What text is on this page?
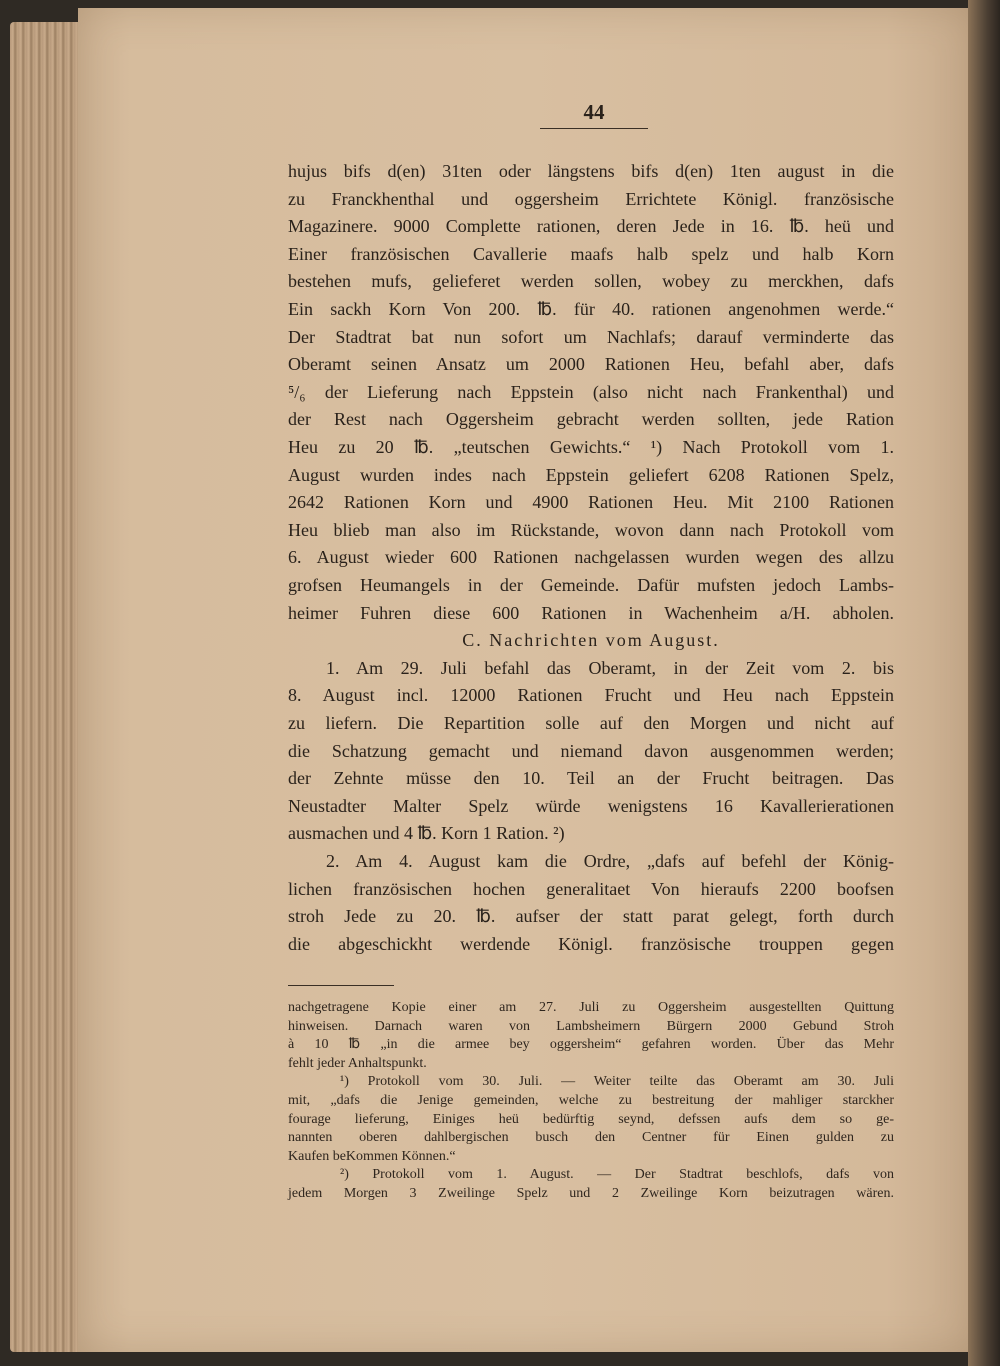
44
hujus bifs d(en) 31ten oder längstens bifs d(en) 1ten august in die
zu Franckhenthal und oggersheim Errichtete Königl. französische
Magazinere. 9000 Complette rationen, deren Jede in 16. ℔. heü und
Einer französischen Cavallerie maafs halb spelz und halb Korn
bestehen mufs, gelieferet werden sollen, wobey zu merckhen, dafs
Ein sackh Korn Von 200. ℔. für 40. rationen angenohmen werde.“
Der Stadtrat bat nun sofort um Nachlafs; darauf verminderte das
Oberamt seinen Ansatz um 2000 Rationen Heu, befahl aber, dafs
⁵/₆ der Lieferung nach Eppstein (also nicht nach Frankenthal) und
der Rest nach Oggersheim gebracht werden sollten, jede Ration
Heu zu 20 ℔. „teutschen Gewichts.“ ¹) Nach Protokoll vom 1.
August wurden indes nach Eppstein geliefert 6208 Rationen Spelz,
2642 Rationen Korn und 4900 Rationen Heu. Mit 2100 Rationen
Heu blieb man also im Rückstande, wovon dann nach Protokoll vom
6. August wieder 600 Rationen nachgelassen wurden wegen des allzu
grofsen Heumangels in der Gemeinde. Dafür mufsten jedoch Lambs-
heimer Fuhren diese 600 Rationen in Wachenheim a/H. abholen.
C. Nachrichten vom August.
1. Am 29. Juli befahl das Oberamt, in der Zeit vom 2. bis
8. August incl. 12000 Rationen Frucht und Heu nach Eppstein
zu liefern. Die Repartition solle auf den Morgen und nicht auf
die Schatzung gemacht und niemand davon ausgenommen werden;
der Zehnte müsse den 10. Teil an der Frucht beitragen. Das
Neustadter Malter Spelz würde wenigstens 16 Kavallerierationen
ausmachen und 4 ℔. Korn 1 Ration. ²)
2. Am 4. August kam die Ordre, „dafs auf befehl der König-
lichen französischen hochen generalitaet Von hieraufs 2200 boofsen
stroh Jede zu 20. ℔. aufser der statt parat gelegt, forth durch
die abgeschickht werdende Königl. französische trouppen gegen
nachgetragene Kopie einer am 27. Juli zu Oggersheim ausgestellten Quittung
hinweisen. Darnach waren von Lambsheimern Bürgern 2000 Gebund Stroh
à 10 ℔ „in die armee bey oggersheim“ gefahren worden. Über das Mehr
fehlt jeder Anhaltspunkt.
¹) Protokoll vom 30. Juli. — Weiter teilte das Oberamt am 30. Juli
mit, „dafs die Jenige gemeinden, welche zu bestreitung der mahliger starckher
fourage lieferung, Einiges heü bedürftig seynd, defssen aufs dem so ge-
nannten oberen dahlbergischen busch den Centner für Einen gulden zu
Kaufen beKommen Können.“
²) Protokoll vom 1. August. — Der Stadtrat beschlofs, dafs von
jedem Morgen 3 Zweilinge Spelz und 2 Zweilinge Korn beizutragen wären.
